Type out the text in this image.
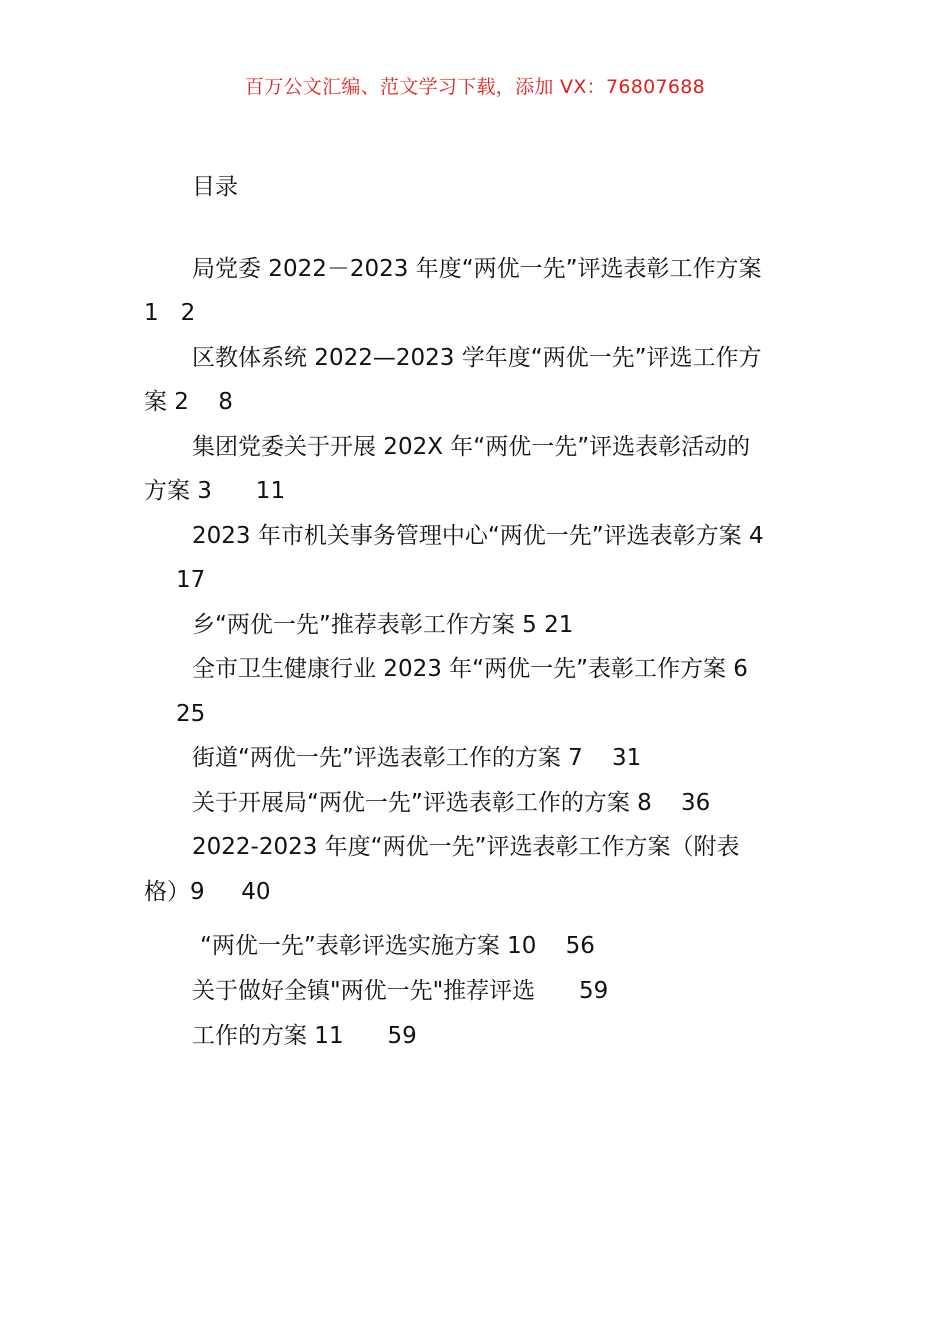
百万公文汇编、范文学习下载，添加 VX：76807688
目录
局党委 2022－2023 年度“两优一先”评选表彰工作方案
1   2
区教体系统 2022—2023 学年度“两优一先”评选工作方
案 2    8
集团党委关于开展 202X 年“两优一先”评选表彰活动的
方案 3      11
2023 年市机关事务管理中心“两优一先”评选表彰方案 4
17
乡“两优一先”推荐表彰工作方案 5 21
全市卫生健康行业 2023 年“两优一先”表彰工作方案 6
25
街道“两优一先”评选表彰工作的方案 7    31
关于开展局“两优一先”评选表彰工作的方案 8    36
2022-2023 年度“两优一先”评选表彰工作方案（附表
格）9     40
“两优一先”表彰评选实施方案 10    56
关于做好全镇"两优一先"推荐评选      59
工作的方案 11      59
